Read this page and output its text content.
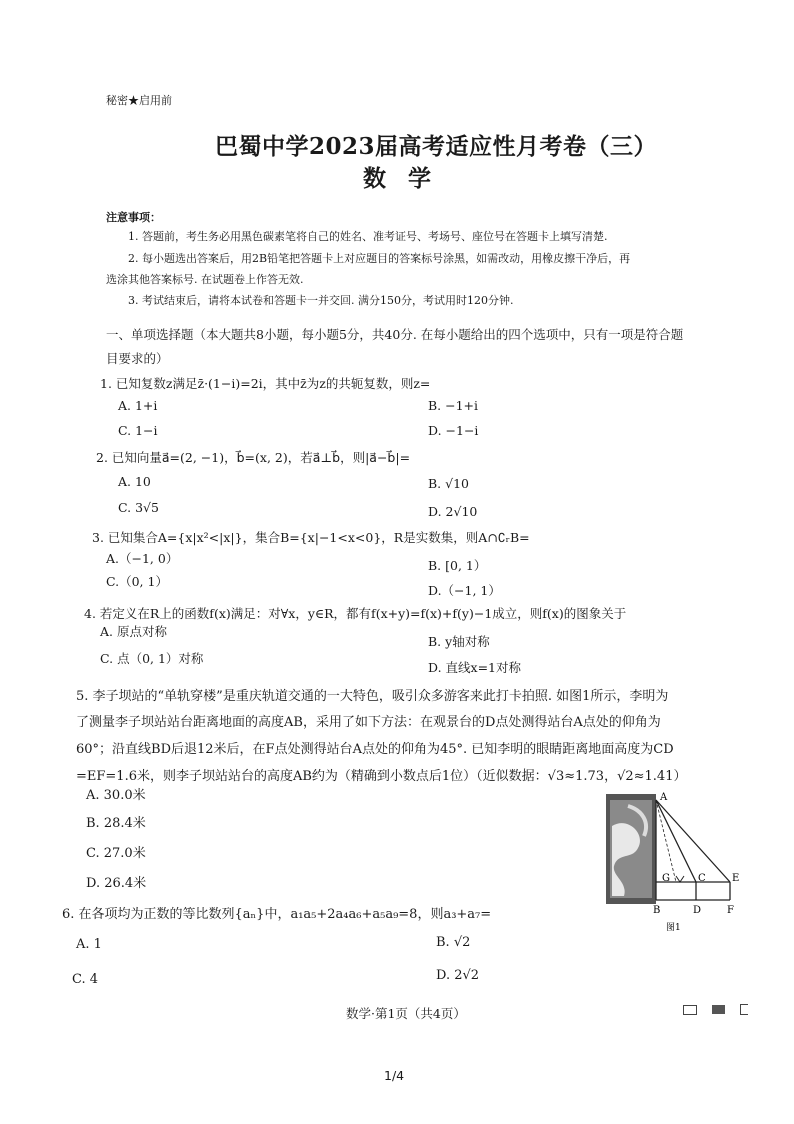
秘密★启用前
巴蜀中学2023届高考适应性月考卷（三）
数学
注意事项：
1. 答题前，考生务必用黑色碳素笔将自己的姓名、准考证号、考场号、座位号在答题卡上填写清楚.
2. 每小题选出答案后，用2B铅笔把答题卡上对应题目的答案标号涂黑，如需改动，用橡皮擦干净后，再
选涂其他答案标号. 在试题卷上作答无效.
3. 考试结束后，请将本试卷和答题卡一并交回. 满分150分，考试用时120分钟.
一、单项选择题（本大题共8小题，每小题5分，共40分. 在每小题给出的四个选项中，只有一项是符合题
目要求的）
1. 已知复数z满足z̄·(1−i)=2i，其中z̄为z的共轭复数，则z=
A. 1+i	B. −1+i
C. 1−i	D. −1−i
2. 已知向量a⃗=(2, −1)，b⃗=(x, 2)，若a⃗⊥b⃗，则|a⃗−b⃗|=
A. 10	B. √10
C. 3√5	D. 2√10
3. 已知集合A={x|x²<|x|}，集合B={x|−1<x<0}，R是实数集，则A∩∁ᵣB=
A.（−1, 0）	B. [0, 1）
C.（0, 1）
D.（−1, 1）
4. 若定义在R上的函数f(x)满足：对∀x，y∈R，都有f(x+y)=f(x)+f(y)−1成立，则f(x)的图象关于
A. 原点对称
B. y轴对称
C. 点（0, 1）对称
D. 直线x=1对称
5. 李子坝站的“单轨穿楼”是重庆轨道交通的一大特色，吸引众多游客来此打卡拍照. 如图1所示，李明为
了测量李子坝站站台距离地面的高度AB，采用了如下方法：在观景台的D点处测得站台A点处的仰角为
60°；沿直线BD后退12米后，在F点处测得站台A点处的仰角为45°. 已知李明的眼睛距离地面高度为CD
=EF=1.6米，则李子坝站站台的高度AB约为（精确到小数点后1位）（近似数据：√3≈1.73，√2≈1.41）
A. 30.0米
B. 28.4米
C. 27.0米
D. 26.4米
A
B
G	C
D
E
F
图1
6. 在各项均为正数的等比数列{aₙ}中，a₁a₅+2a₄a₆+a₅a₉=8，则a₃+a₇=
A. 1	B. √2
C. 4	D. 2√2
数学·第1页（共4页）

1/4
